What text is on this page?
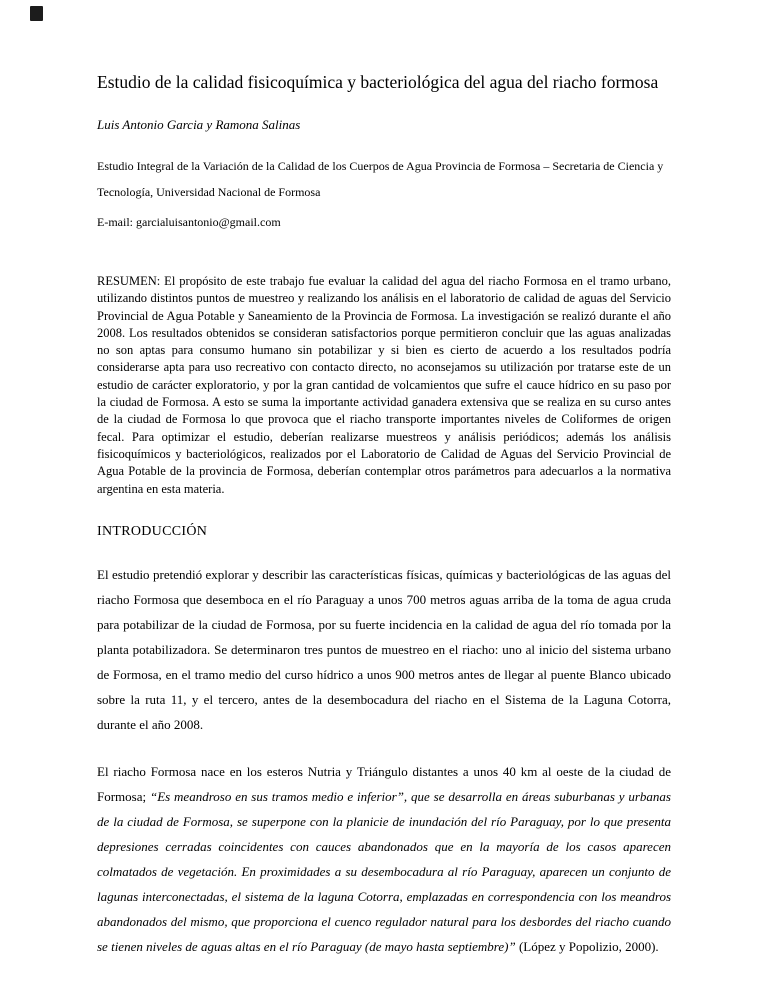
Estudio de la calidad fisicoquímica y bacteriológica del agua del riacho formosa
Luis Antonio Garcia y Ramona Salinas
Estudio Integral de la Variación de la Calidad de los Cuerpos de Agua Provincia de Formosa – Secretaria de Ciencia y Tecnología, Universidad Nacional de Formosa
E-mail: garcialuisantonio@gmail.com

RESUMEN: El propósito de este trabajo fue evaluar la calidad del agua del riacho Formosa en el tramo urbano, utilizando distintos puntos de muestreo y realizando los análisis en el laboratorio de calidad de aguas del Servicio Provincial de Agua Potable y Saneamiento de la Provincia de Formosa. La investigación se realizó durante el año 2008. Los resultados obtenidos se consideran satisfactorios porque permitieron concluir que las aguas analizadas no son aptas para consumo humano sin potabilizar y si bien es cierto de acuerdo a los resultados podría considerarse apta para uso recreativo con contacto directo, no aconsejamos su utilización por tratarse este de un estudio de carácter exploratorio, y por la gran cantidad de volcamientos que sufre el cauce hídrico en su paso por la ciudad de Formosa. A esto se suma la importante actividad ganadera extensiva que se realiza en su curso antes de la ciudad de Formosa lo que provoca que el riacho transporte importantes niveles de Coliformes de origen fecal. Para optimizar el estudio, deberían realizarse muestreos y análisis periódicos; además los análisis fisicoquímicos y bacteriológicos, realizados por el Laboratorio de Calidad de Aguas del Servicio Provincial de Agua Potable de la provincia de Formosa, deberían contemplar otros parámetros para adecuarlos a la normativa argentina en esta materia.

INTRODUCCIÓN

El estudio pretendió explorar y describir las características físicas, químicas y bacteriológicas de las aguas del riacho Formosa que desemboca en el río Paraguay a unos 700 metros aguas arriba de la toma de agua cruda para potabilizar de la ciudad de Formosa, por su fuerte incidencia en la calidad de agua del río tomada por la planta potabilizadora. Se determinaron tres puntos de muestreo en el riacho: uno al inicio del sistema urbano de Formosa, en el tramo medio del curso hídrico a unos 900 metros antes de llegar al puente Blanco ubicado sobre la ruta 11, y el tercero, antes de la desembocadura del riacho en el Sistema de la Laguna Cotorra, durante el año 2008.

El riacho Formosa nace en los esteros Nutria y Triángulo distantes a unos 40 km al oeste de la ciudad de Formosa; “Es meandroso en sus tramos medio e inferior”, que se desarrolla en áreas suburbanas y urbanas de la ciudad de Formosa, se superpone con la planicie de inundación del río Paraguay, por lo que presenta depresiones cerradas coincidentes con cauces abandonados que en la mayoría de los casos aparecen colmatados de vegetación. En proximidades a su desembocadura al río Paraguay, aparecen un conjunto de lagunas interconectadas, el sistema de la laguna Cotorra, emplazadas en correspondencia con los meandros abandonados del mismo, que proporciona el cuenco regulador natural para los desbordes del riacho cuando se tienen niveles de aguas altas en el río Paraguay (de mayo hasta septiembre)” (López y Popolizio, 2000).
